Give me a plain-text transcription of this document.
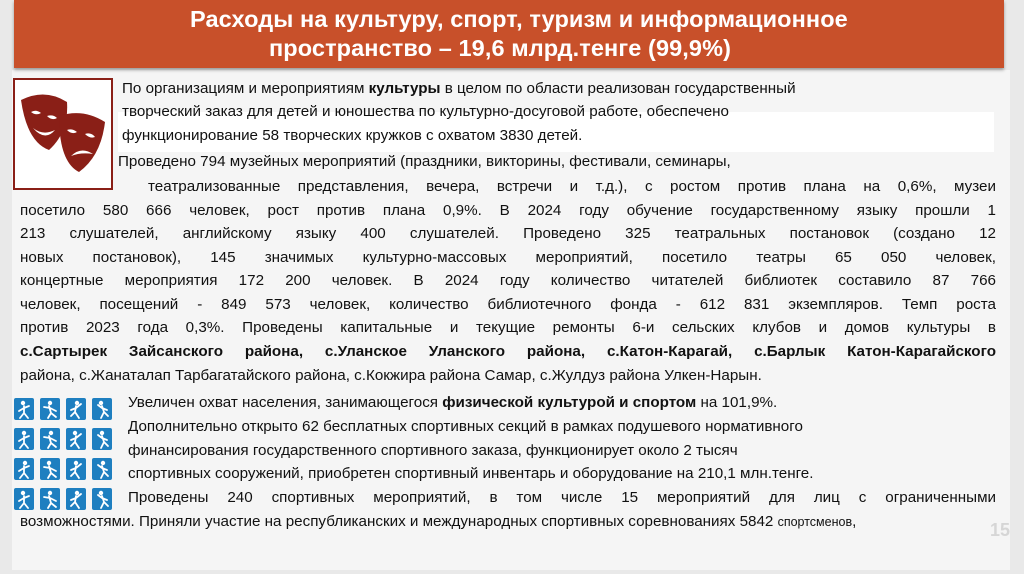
Расходы на культуру, спорт, туризм и информационное
пространство – 19,6 млрд.тенге (99,9%)
По организациям и мероприятиям культуры в целом по области реализован государственный
творческий заказ для детей и юношества по культурно-досуговой работе, обеспечено
функционирование 58 творческих кружков с охватом 3830 детей.
Проведено 794 музейных мероприятий (праздники, викторины, фестивали, семинары,
театрализованные представления, вечера, встречи и т.д.), с ростом против плана на 0,6%, музеи
посетило 580 666 человек, рост против плана 0,9%. В 2024 году обучение государственному языку прошли 1
213 слушателей, английскому языку 400 слушателей. Проведено 325 театральных постановок (создано 12
новых постановок), 145 значимых культурно-массовых мероприятий, посетило театры 65 050 человек,
концертные мероприятия 172 200 человек. В 2024 году количество читателей библиотек составило 87 766
человек, посещений - 849 573 человек, количество библиотечного фонда - 612 831 экземпляров. Темп роста
против 2023 года 0,3%. Проведены капитальные и текущие ремонты 6-и сельских клубов и домов культуры в
с.Сартырек Зайсанского района, с.Уланское Уланского района, с.Катон-Карагай, с.Барлык Катон-Карагайского
района, с.Жанаталап Тарбагатайского района, с.Кокжира района Самар, с.Жулдуз района Улкен-Нарын.
Увеличен охват населения, занимающегося физической культурой и спортом на 101,9%.
Дополнительно открыто 62 бесплатных спортивных секций в рамках подушевого нормативного
финансирования государственного спортивного заказа, функционирует около 2 тысяч
спортивных сооружений, приобретен спортивный инвентарь и оборудование на 210,1 млн.тенге.
Проведены 240 спортивных мероприятий, в том числе 15 мероприятий для лиц с ограниченными
возможностями. Приняли участие на республиканских и международных спортивных соревнованиях 5842 спортсменов,	15
